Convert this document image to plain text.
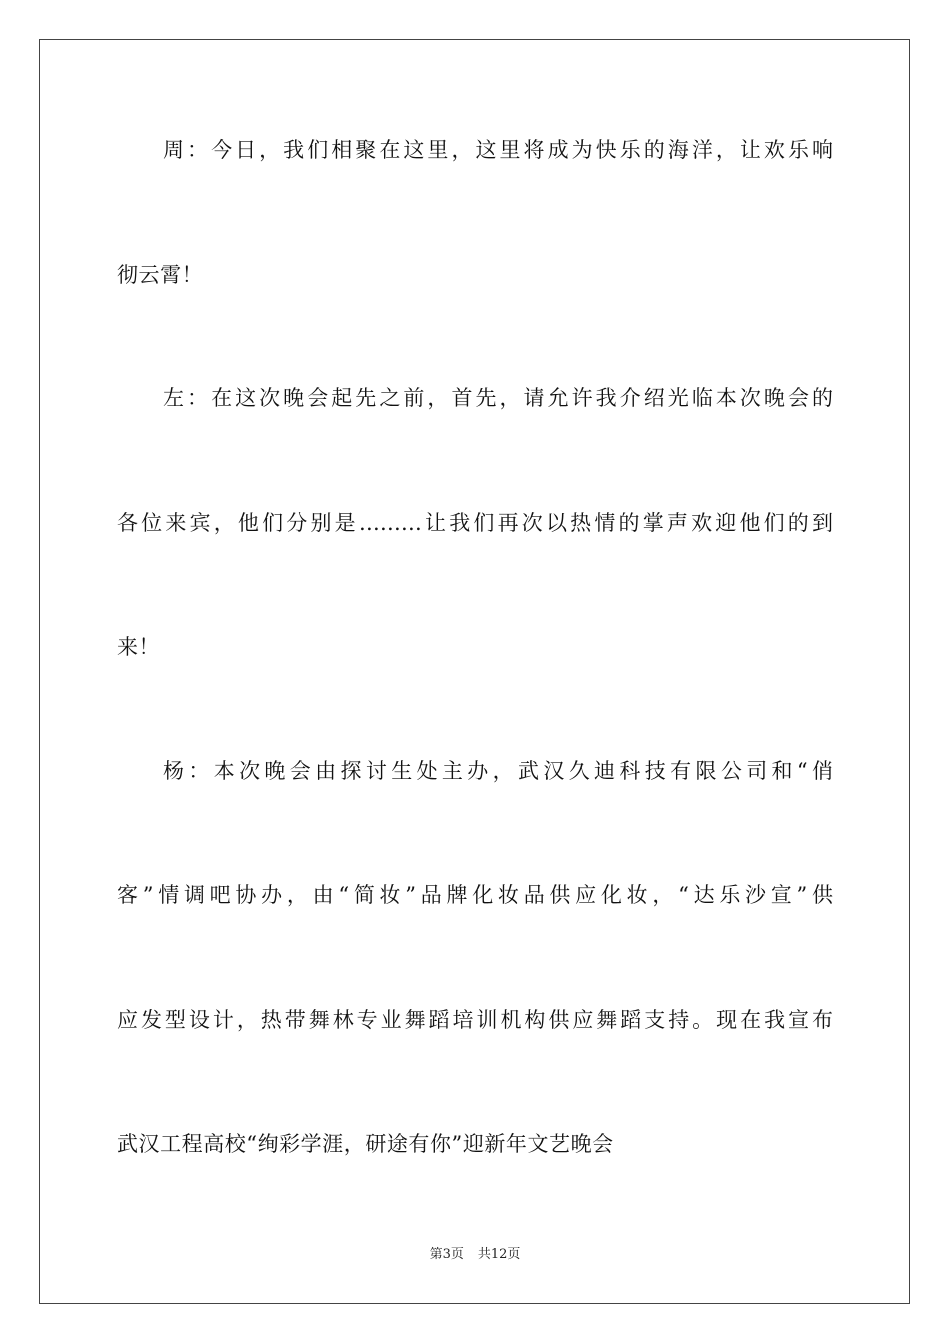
周：今日，我们相聚在这里，这里将成为快乐的海洋，让欢乐响
彻云霄！
左：在这次晚会起先之前，首先，请允许我介绍光临本次晚会的
各位来宾，他们分别是………让我们再次以热情的掌声欢迎他们的到
来！
杨：本次晚会由探讨生处主办，武汉久迪科技有限公司和“俏
客”情调吧协办，由“简妆”品牌化妆品供应化妆，“达乐沙宣”供
应发型设计，热带舞林专业舞蹈培训机构供应舞蹈支持。现在我宣布
武汉工程高校“绚彩学涯，研途有你”迎新年文艺晚会
第3页 共12页
